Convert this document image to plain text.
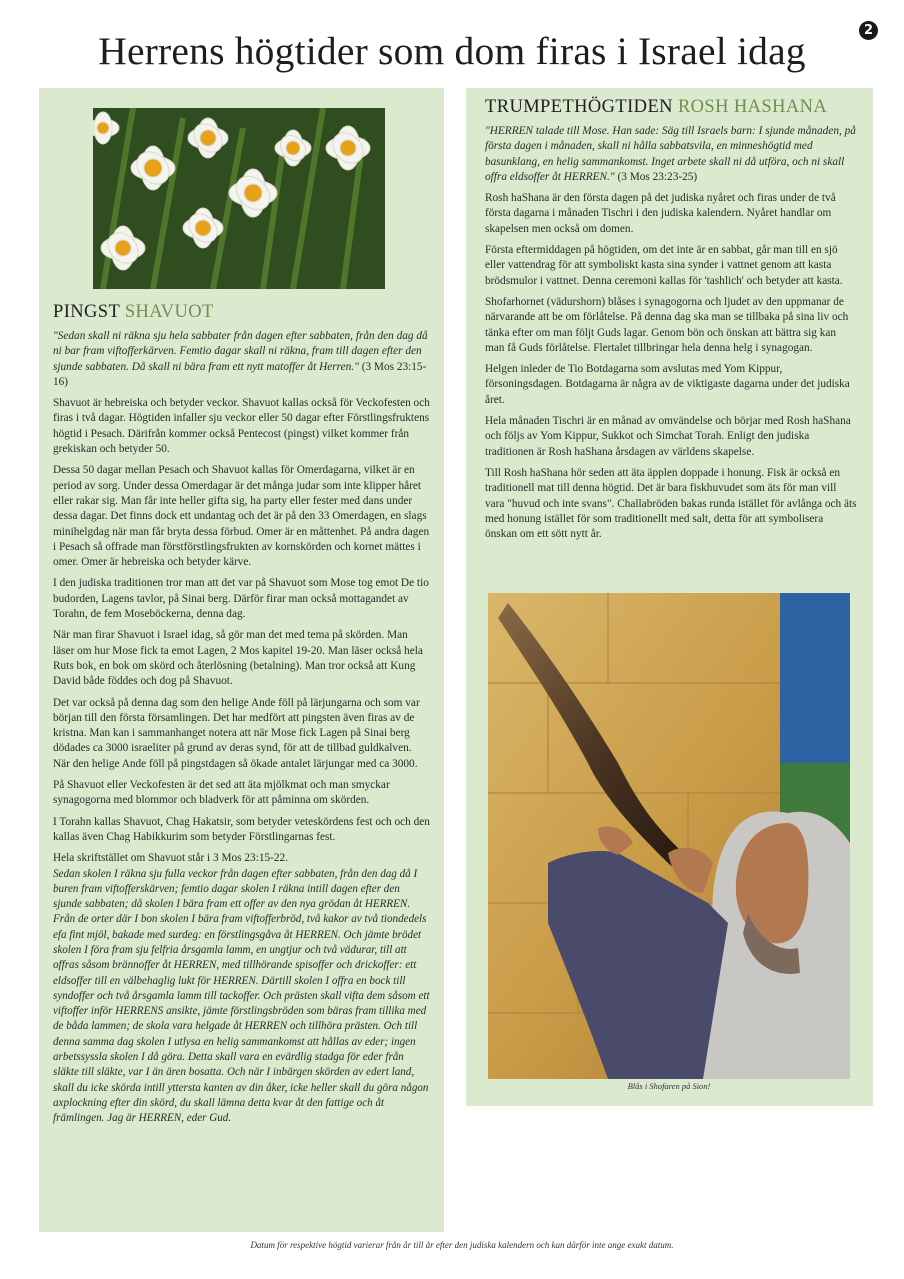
2
Herrens högtider som dom firas i Israel idag
PINGST SHAVUOT

"Sedan skall ni räkna sju hela sabbater från dagen efter sabbaten, från den dag då ni bar fram viftofferkärven. Femtio dagar skall ni räkna, fram till dagen efter den sjunde sabbaten. Då skall ni bära fram ett nytt matoffer åt Herren." (3 Mos 23:15-16)

Shavuot är hebreiska och betyder veckor. Shavuot kallas också för Veckofesten och firas i två dagar. Högtiden infaller sju veckor eller 50 dagar efter Förstlingsfruktens högtid i Pesach. Därifrån kommer också Pentecost (pingst) vilket kommer från grekiskan och betyder 50.

Dessa 50 dagar mellan Pesach och Shavuot kallas för Omerdagarna, vilket är en period av sorg. Under dessa Omerdagar är det många judar som inte klipper håret eller rakar sig. Man får inte heller gifta sig, ha party eller fester med dans under dessa dagar. Det finns dock ett undantag och det är på den 33 Omerdagen, en slags minihelgdag när man får bryta dessa förbud. Omer är en måttenhet. På andra dagen i Pesach så offrade man förstförstlingsfrukten av kornskörden och kornet mättes i omer. Omer är hebreiska och betyder kärve.

I den judiska traditionen tror man att det var på Shavuot som Mose tog emot De tio budorden, Lagens tavlor, på Sinai berg. Därför firar man också mottagandet av Torahn, de fem Moseböckerna, denna dag.

När man firar Shavuot i Israel idag, så gör man det med tema på skörden. Man läser om hur Mose fick ta emot Lagen, 2 Mos kapitel 19-20. Man läser också hela Ruts bok, en bok om skörd och återlösning (betalning). Man tror också att Kung David både föddes och dog på Shavuot.

Det var också på denna dag som den helige Ande föll på lärjungarna och som var början till den första församlingen. Det har medfört att pingsten även firas av de kristna. Man kan i sammanhanget notera att när Mose fick Lagen på Sinai berg dödades ca 3000 israeliter på grund av deras synd, för att de tillbad guldkalven. När den helige Ande föll på pingstdagen så ökade antalet lärjungar med ca 3000.

På Shavuot eller Veckofesten är det sed att äta mjölkmat och man smyckar synagogorna med blommor och bladverk för att påminna om skörden.

I Torahn kallas Shavuot, Chag Hakatsir, som betyder veteskördens fest och och den kallas även Chag Habikkurim som betyder Förstlingarnas fest.

Hela skriftstället om Shavuot står i 3 Mos 23:15-22.

Sedan skolen I räkna sju fulla veckor från dagen efter sabbaten, från den dag då I buren fram viftofferskärven; femtio dagar skolen I räkna intill dagen efter den sjunde sabbaten; då skolen I bära fram ett offer av den nya grödan åt HERREN. Från de orter där I bon skolen I bära fram viftofferbröd, två kakor av två tiondedels efa fint mjöl, bakade med surdeg: en förstlingsgåva åt HERREN. Och jämte brödet skolen I föra fram sju felfria årsgamla lamm, en ungtjur och två vädurar, till att offras såsom brännoffer åt HERREN, med tillhörande spisoffer och drickoffer: ett eldsoffer till en välbehaglig lukt för HERREN. Därtill skolen I offra en bock till syndoffer och två årsgamla lamm till tackoffer. Och prästen skall vifta dem såsom ett viftoffer inför HERRENS ansikte, jämte förstlingsbröden som bäras fram tillika med de båda lammen; de skola vara helgade åt HERREN och tillhöra prästen. Och till denna samma dag skolen I utlysa en helig sammankomst att hållas av eder; ingen arbetssyssla skolen I då göra. Detta skall vara en evärdlig stadga för eder från släkte till släkte, var I än ären bosatta. Och när I inbärgen skörden av edert land, skall du icke skörda intill yttersta kanten av din åker, icke heller skall du göra någon axplockning efter din skörd, du skall lämna detta kvar åt den fattige och åt främlingen. Jag är HERREN, eder Gud.

TRUMPETHÖGTIDEN ROSH HASHANA

"HERREN talade till Mose. Han sade: Säg till Israels barn: I sjunde månaden, på första dagen i månaden, skall ni hålla sabbatsvila, en minneshögtid med basunklang, en helig sammankomst. Inget arbete skall ni då utföra, och ni skall offra eldsoffer åt HERREN." (3 Mos 23:23-25)

Rosh haShana är den första dagen på det judiska nyåret och firas under de två första dagarna i månaden Tischri i den judiska kalendern. Nyåret handlar om skapelsen men också om domen.

Första eftermiddagen på högtiden, om det inte är en sabbat, går man till en sjö eller vattendrag för att symboliskt kasta sina synder i vattnet genom att kasta brödsmulor i vattnet. Denna ceremoni kallas för 'tashlich' och betyder att kasta.

Shofarhornet (vädurshorn) blåses i synagogorna och ljudet av den uppmanar de närvarande att be om förlåtelse. På denna dag ska man se tillbaka på sina liv och tänka efter om man följt Guds lagar. Genom bön och önskan att bättra sig kan man få Guds förlåtelse. Flertalet tillbringar hela denna helg i synagogan.

Helgen inleder de Tio Botdagarna som avslutas med Yom Kippur, försoningsdagen. Botdagarna är några av de viktigaste dagarna under det judiska året.

Hela månaden Tischri är en månad av omvändelse och börjar med Rosh haShana och följs av Yom Kippur, Sukkot och Simchat Torah. Enligt den judiska traditionen är Rosh haShana årsdagen av världens skapelse.

Till Rosh haShana hör seden att äta äpplen doppade i honung. Fisk är också en traditionell mat till denna högtid. Det är bara fiskhuvudet som äts för man vill vara "huvud och inte svans". Challabröden bakas runda istället för avlånga och äts med honung istället för som traditionellt med salt, detta för att symbolisera önskan om ett sött nytt år.

Blås i Shofaren på Sion!
Datum för respektive högtid varierar från år till år efter den judiska kalendern och kan därför inte ange exakt datum.
